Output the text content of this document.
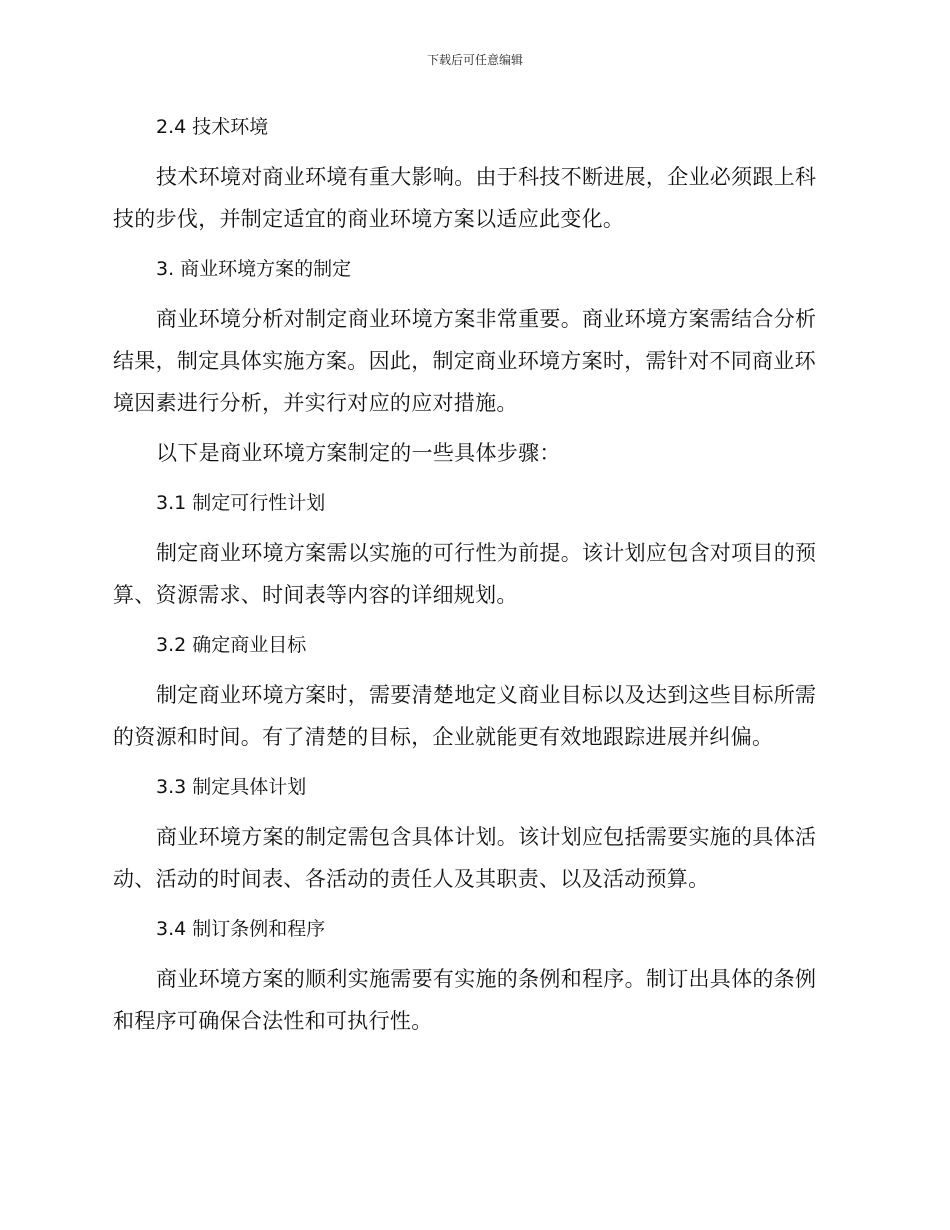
下载后可任意编辑
2.4 技术环境

技术环境对商业环境有重大影响。由于科技不断进展，企业必须跟上科技的步伐，并制定适宜的商业环境方案以适应此变化。

3. 商业环境方案的制定

商业环境分析对制定商业环境方案非常重要。商业环境方案需结合分析结果，制定具体实施方案。因此，制定商业环境方案时，需针对不同商业环境因素进行分析，并实行对应的应对措施。

以下是商业环境方案制定的一些具体步骤：

3.1 制定可行性计划

制定商业环境方案需以实施的可行性为前提。该计划应包含对项目的预算、资源需求、时间表等内容的详细规划。

3.2 确定商业目标

制定商业环境方案时，需要清楚地定义商业目标以及达到这些目标所需的资源和时间。有了清楚的目标，企业就能更有效地跟踪进展并纠偏。

3.3 制定具体计划

商业环境方案的制定需包含具体计划。该计划应包括需要实施的具体活动、活动的时间表、各活动的责任人及其职责、以及活动预算。

3.4 制订条例和程序

商业环境方案的顺利实施需要有实施的条例和程序。制订出具体的条例和程序可确保合法性和可执行性。
